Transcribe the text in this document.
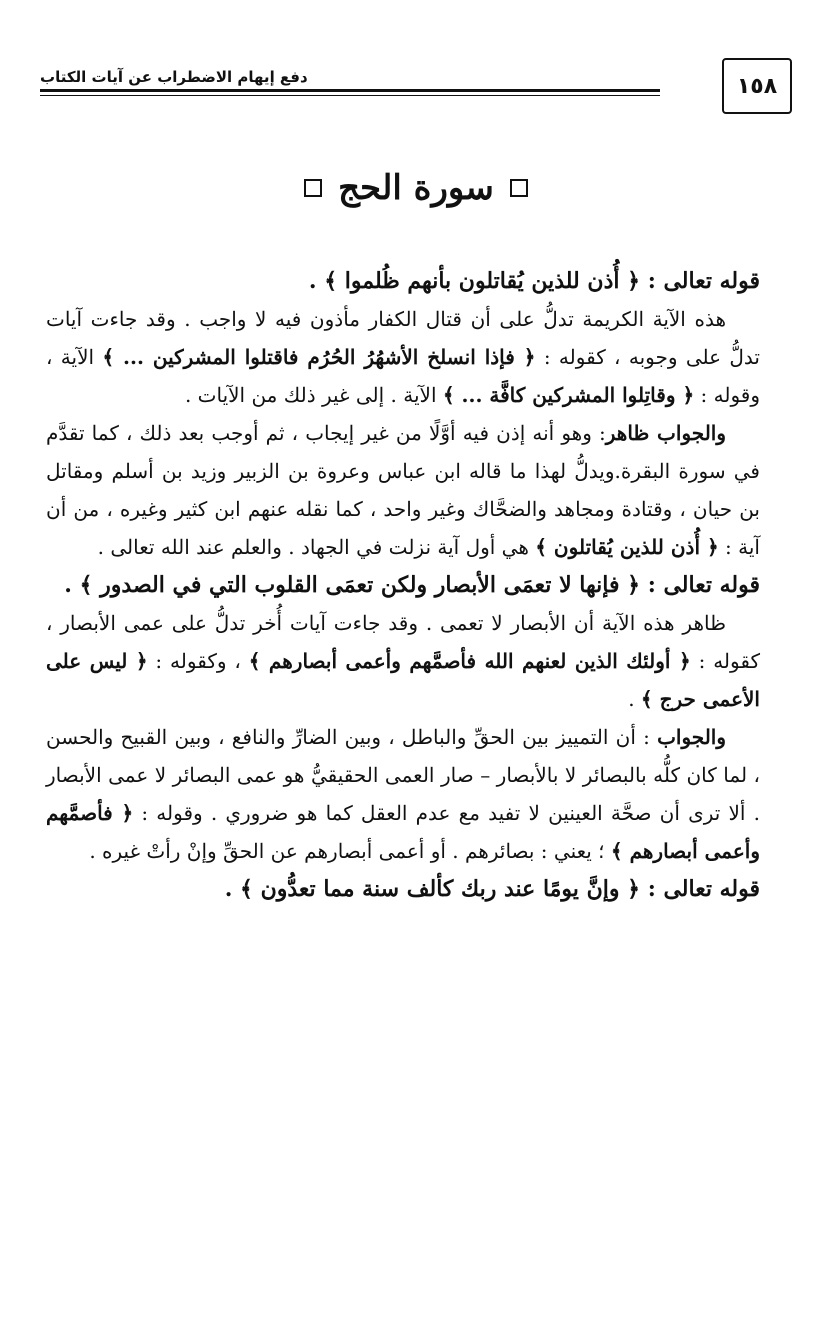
دفع إيهام الاضطراب عن آيات الكتاب	١٥٨
سورة الحج

قوله تعالى : ﴿ أُذن للذين يُقاتلون بأنهم ظُلموا ﴾ .

هذه الآية الكريمة تدلُّ على أن قتال الكفار مأذون فيه لا واجب . وقد جاءت آيات تدلُّ على وجوبه ، كقوله : ﴿ فإذا انسلخ الأشهُرُ الحُرُم فاقتلوا المشركين ... ﴾ الآية ، وقوله : ﴿ وقاتِلوا المشركين كافَّة ... ﴾ الآية . إلى غير ذلك من الآيات .

والجواب ظاهر: وهو أنه إذن فيه أوَّلًا من غير إيجاب ، ثم أوجب بعد ذلك ، كما تقدَّم في سورة البقرة.ويدلُّ لهذا ما قاله ابن عباس وعروة بن الزبير وزيد بن أسلم ومقاتل بن حيان ، وقتادة ومجاهد والضحَّاك وغير واحد ، كما نقله عنهم ابن كثير وغيره ، من أن آية : ﴿ أُذن للذين يُقاتلون ﴾ هي أول آية نزلت في الجهاد . والعلم عند الله تعالى .

قوله تعالى : ﴿ فإنها لا تعمَى الأبصار ولكن تعمَى القلوب التي في الصدور ﴾ .

ظاهر هذه الآية أن الأبصار لا تعمى . وقد جاءت آيات أُخر تدلُّ على عمى الأبصار ، كقوله : ﴿ أولئك الذين لعنهم الله فأصمَّهم وأعمى أبصارهم ﴾ ، وكقوله : ﴿ ليس على الأعمى حرج ﴾ .

والجواب : أن التمييز بين الحقِّ والباطل ، وبين الضارِّ والنافع ، وبين القبيح والحسن ، لما كان كلُّه بالبصائر لا بالأبصار – صار العمى الحقيقيُّ هو عمى البصائر لا عمى الأبصار . ألا ترى أن صحَّة العينين لا تفيد مع عدم العقل كما هو ضروري . وقوله : ﴿ فأصمَّهم وأعمى أبصارهم ﴾ ؛ يعني : بصائرهم . أو أعمى أبصارهم عن الحقِّ وإنْ رأتْ غيره .

قوله تعالى : ﴿ وإنَّ يومًا عند ربك كألف سنة مما تعدُّون ﴾ .
